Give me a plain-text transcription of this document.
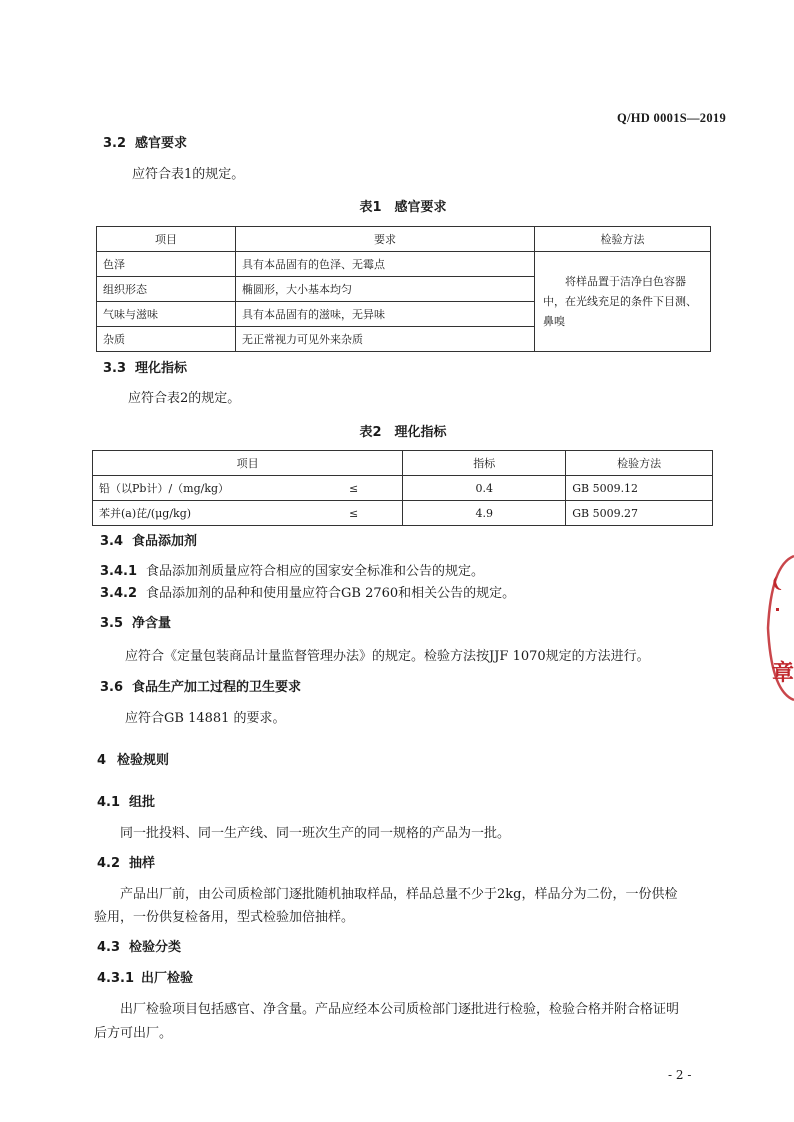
Q/HD 0001S—2019
3.2 感官要求
应符合表1的规定。
表1　感官要求
项目	要求	检验方法
色泽	具有本品固有的色泽、无霉点	将样品置于洁净白色容器中，在光线充足的条件下目测、鼻嗅
组织形态	椭圆形，大小基本均匀	
气味与滋味	具有本品固有的滋味，无异味	
杂质	无正常视力可见外来杂质	
3.3 理化指标
应符合表2的规定。
表2　理化指标
项目		指标	检验方法
铅（以Pb计）/（mg/kg）	≤	0.4	GB 5009.12
苯并(a)芘/(μg/kg)	≤	4.9	GB 5009.27
3.4 食品添加剂
3.4.1 食品添加剂质量应符合相应的国家安全标准和公告的规定。
3.4.2 食品添加剂的品种和使用量应符合GB 2760和相关公告的规定。
3.5 净含量
应符合《定量包装商品计量监督管理办法》的规定。检验方法按JJF 1070规定的方法进行。
3.6 食品生产加工过程的卫生要求
应符合GB 14881 的要求。
4 检验规则
4.1 组批
同一批投料、同一生产线、同一班次生产的同一规格的产品为一批。
4.2 抽样
产品出厂前，由公司质检部门逐批随机抽取样品，样品总量不少于2kg，样品分为二份，一份供检
验用，一份供复检备用，型式检验加倍抽样。
4.3 检验分类
4.3.1 出厂检验
出厂检验项目包括感官、净含量。产品应经本公司质检部门逐批进行检验，检验合格并附合格证明
后方可出厂。
- 2 -
(
章
